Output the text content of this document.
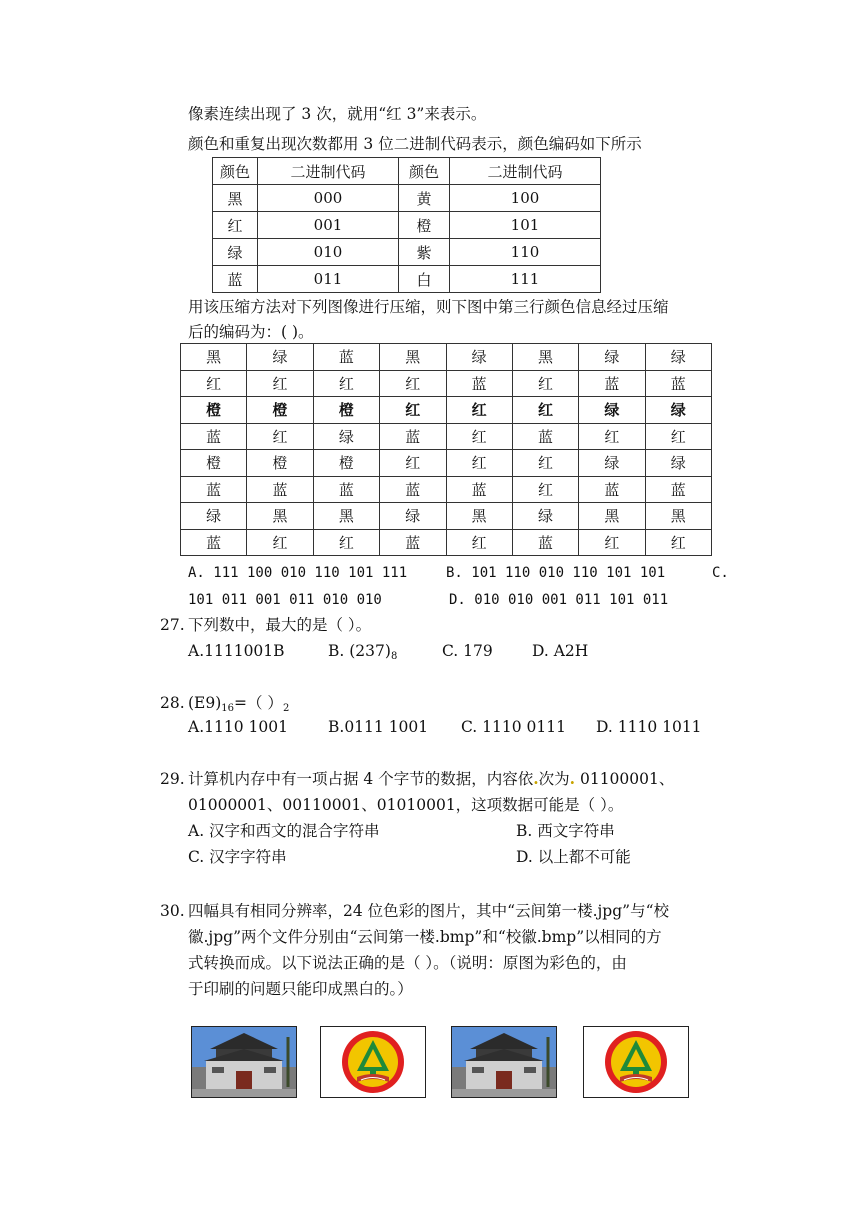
像素连续出现了 3 次，就用“红 3”来表示。
颜色和重复出现次数都用 3 位二进制代码表示，颜色编码如下所示
颜色	二进制代码	颜色	二进制代码
黑	000	黄	100
红	001	橙	101
绿	010	紫	110
蓝	011	白	111
用该压缩方法对下列图像进行压缩，则下图中第三行颜色信息经过压缩
后的编码为：( )。
黑	绿	蓝	黑	绿	黑	绿	绿
红	红	红	红	蓝	红	蓝	蓝
橙	橙	橙	红	红	红	绿	绿
蓝	红	绿	蓝	红	蓝	红	红
橙	橙	橙	红	红	红	绿	绿
蓝	蓝	蓝	蓝	蓝	红	蓝	蓝
绿	黑	黑	绿	黑	绿	黑	黑
蓝	红	红	蓝	红	蓝	红	红
A. 111 100 010 110 101 111	B. 101 110 010 110 101 101	C.
101 011 001 011 010 010	D. 010 010 001 011 101 011
27. 下列数中，最大的是（ ）。
A.1111001B	B. $(237)_8$	C. 179	D. A2H
28. $(E9)_{16}=$（ ）$_2$
A.1110 1001	B.0111 1001 C. 1110 0111 D. 1110 1011
29. 计算机内存中有一项占据 4 个字节的数据，内容依.次为. 01100001、
01000001、00110001、01010001，这项数据可能是（ ）。
A. 汉字和西文的混合字符串	B. 西文字符串
C. 汉字字符串	D. 以上都不可能
30. 四幅具有相同分辨率，24 位色彩的图片，其中“云间第一楼.jpg”与“校
徽.jpg”两个文件分别由“云间第一楼.bmp”和“校徽.bmp”以相同的方
式转换而成。以下说法正确的是（ ）。（说明：原图为彩色的，由
于印刷的问题只能印成黑白的。）
